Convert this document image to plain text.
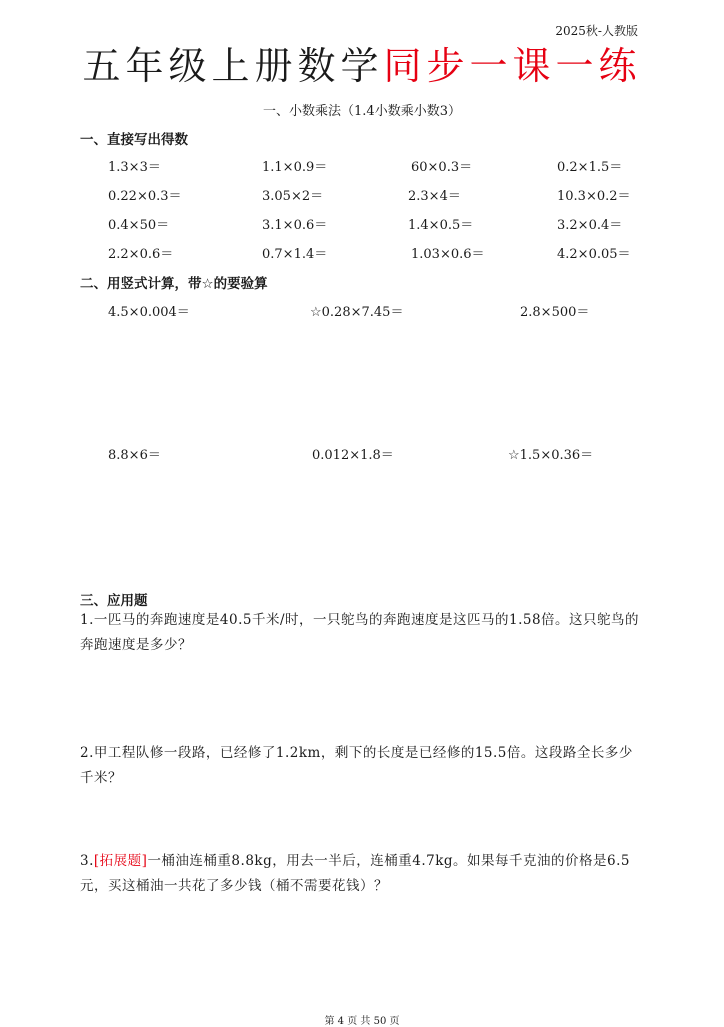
2025秋-人教版
五年级上册数学同步一课一练
一、小数乘法（1.4小数乘小数3）
一、直接写出得数
1.3×3＝	1.1×0.9＝	60×0.3＝	0.2×1.5＝
0.22×0.3＝	3.05×2＝	2.3×4＝	10.3×0.2＝
0.4×50＝	3.1×0.6＝	1.4×0.5＝	3.2×0.4＝
2.2×0.6＝	0.7×1.4＝	1.03×0.6＝	4.2×0.05＝
二、用竖式计算，带☆的要验算
4.5×0.004＝	☆0.28×7.45＝	2.8×500＝
8.8×6＝	0.012×1.8＝	☆1.5×0.36＝
三、应用题
1.一匹马的奔跑速度是40.5千米/时，一只鸵鸟的奔跑速度是这匹马的1.58倍。这只鸵鸟的奔跑速度是多少？
2.甲工程队修一段路，已经修了1.2km，剩下的长度是已经修的15.5倍。这段路全长多少千米？
3.[拓展题]一桶油连桶重8.8kg，用去一半后，连桶重4.7kg。如果每千克油的价格是6.5元，买这桶油一共花了多少钱（桶不需要花钱）？
第 4 页 共 50 页
